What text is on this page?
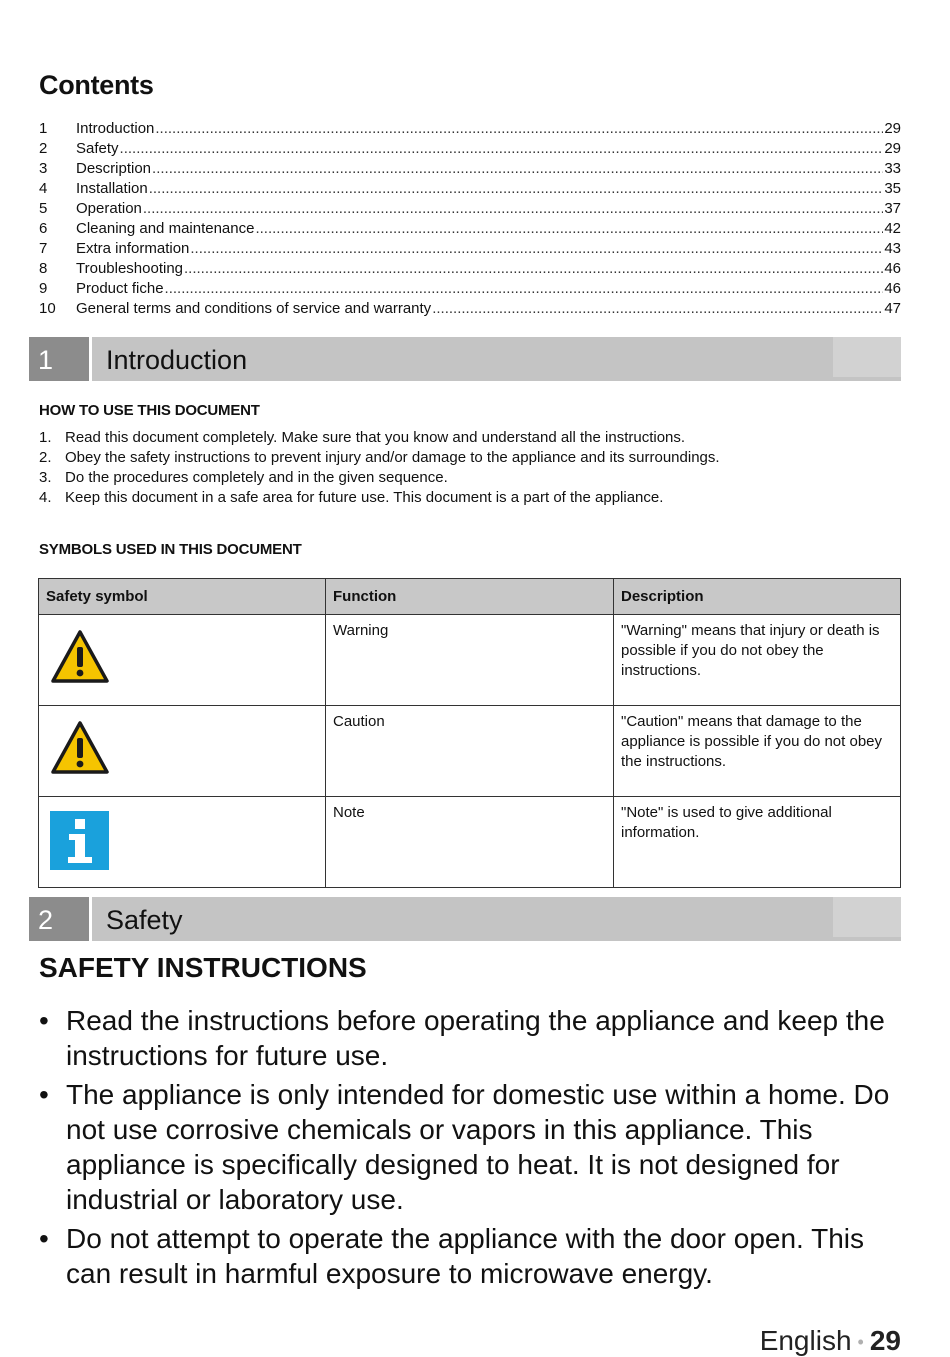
Contents
1	Introduction .....	29
2	Safety .....	29
3	Description .....	33
4	Installation .....	35
5	Operation .....	37
6	Cleaning and maintenance .....	42
7	Extra information .....	43
8	Troubleshooting .....	46
9	Product fiche .....	46
10	General terms and conditions of service and warranty .....	47
1	Introduction
HOW TO USE THIS DOCUMENT
1. Read this document completely. Make sure that you know and understand all the instructions.
2. Obey the safety instructions to prevent injury and/or damage to the appliance and its surroundings.
3. Do the procedures completely and in the given sequence.
4. Keep this document in a safe area for future use. This document is a part of the appliance.
SYMBOLS USED IN THIS DOCUMENT
Safety symbol	Function	Description

	Warning	"Warning" means that injury or death is possible if you do not obey the instructions.

	Caution	"Caution" means that damage to the appliance is possible if you do not obey the instructions.

	Note	"Note" is used to give additional information.
2	Safety
SAFETY INSTRUCTIONS
• Read the instructions before operating the appliance and keep the instructions for future use.
• The appliance is only intended for domestic use within a home. Do not use corrosive chemicals or vapors in this appliance. This appliance is specifically designed to heat. It is not designed for industrial or laboratory use.
• Do not attempt to operate the appliance with the door open. This can result in harmful exposure to microwave energy.
English • 29
